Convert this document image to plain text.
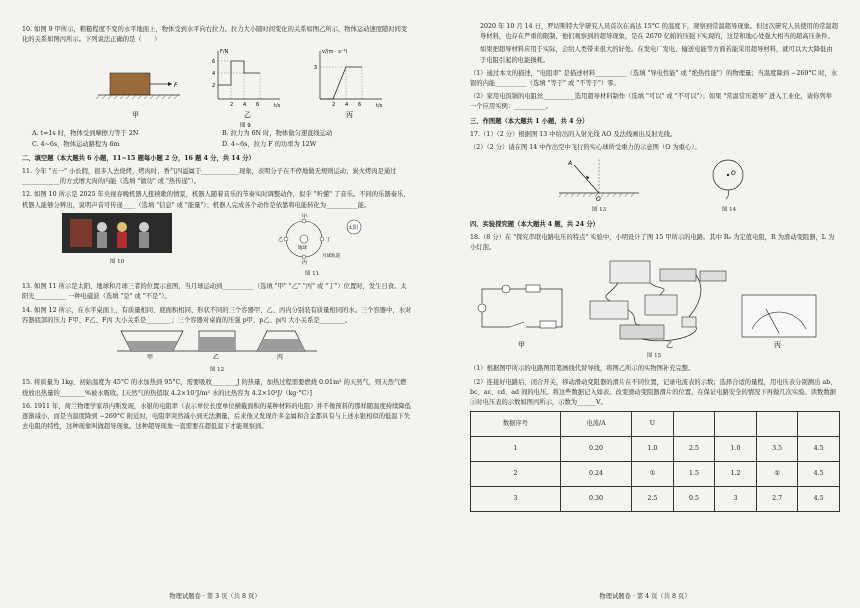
10. 如图 9 甲所示，粗糙程度不变的水平地面上，物体受到水平向右拉力。拉力大小随时间变化的关系如图乙所示，物体运动速度随时间变化的关系如图丙所示。下列说法正确的是（　　）

F
甲
F/N
t/s
6
4
2
2 4 6
乙
v/(m · s⁻¹)
t/s
3
2 4 6
丙
图 9

A. t=1s 时，物体受到摩擦力等于 2N	B. 拉力为 6N 时，物体做匀速直线运动

C. 4~6s，物体运动路程为 6m	D. 4~6s，拉力 F 的功率为 12W

二、填空题（本大题共 6 小题，11~15 题每小题 2 分，16 题 4 分，共 14 分）

11. 今年 "五一" 小长假，很多人去烧烤，烤肉时，香气四溢属于____________现象，表明分子在不停地做无规则运动；炭火烤肉是通过____________的方式增大肉的内能（选填 "做功" 或 "热传递"）。

12. 如图 10 所示是 2025 年央视春晚机器人扭秧歌的情景，机器人随着音乐的节奏实时调整动作，似乎 "听懂" 了音乐。不同的乐器奏乐，机器人能够分辨出，说明声音可传递____（选填 "信息" 或 "能量"）；机器人完成各个动作是依靠将电能转化为__________能。

图 10

太阳
甲
乙	丁
丙
地球
月球轨道

图 11

13. 如图 11 所示是太阳、地球和月球三者的位置示意图，当月球运动到__________（选填 "甲" "乙" "丙" 或 "丁"）位置时，发生日食。太阳光__________ 一种电磁波（选填 "是" 或 "不是"）。

14. 如图 12 所示，在水平桌面上，有质量相同、底面积相同、形状不同的三个容器甲、乙、丙内分别装有质量相同的水。三个容器中，水对容器底部的压力 F甲、F乙、F丙 大小关系是________；三个容器对桌面的压强 p甲、p乙、p丙 大小关系是________。

甲	乙	丙

图 12

15. 将质量为 1kg、初始温度为 45°C 的水加热到 95°C，需要吸收________J 的热量，加热过程需要燃烧 0.01m³ 的天然气，则天然气燃烧放出热量的________%被水吸收。[天然气的热值取 4.2×10⁷J/m³ 水的比热容为 4.2×10³J/（kg·°C）]

16. 1911 年，荷兰物理学家昂内斯发现，水银的电阻率（表示单位长度单位横截面积的某种材料的电阻）并不像预料的那样随温度持续降低逐渐减小，而是当温度降到 −269°C 附近时，电阻率突然减小到无法测量，后来他又发现许多金属和合金都具有与上述水银相似的低温下失去电阻的特性，这种现象叫做超导现象。这种超导现象一直需要在超低温下才能观察到。

物理试题卷 · 第 3 页（共 8 页）

2020 年 10 月 14 日，罗切斯特大学研究人员首次在高达 15°C 的温度下，观察到常温超导现象。但这次研究人员使用的常温超导材料，也存在严重的限制，他们观察到的超导现象，是在 2670 亿帕的压强下实现的，这是和地心处强大相当的超高压条件。

如果把超导材料应用于实际，会给人类带来很大的好处。在发电厂发电、输送电能等方面若能采用超导材料，就可以大大降低由于电阻引起的电能损耗。

（1）通过本文的描述，"电阻率" 是描述材料__________（选填 "导电性能" 或 "绝热性能"）的物理量；当温度降到 −269°C 时，水银的内能__________（选填 "等于" 或 "不等于"）零。

（2）家用电饭锅的电阻丝__________选用超导材料制作（选填 "可以" 或 "不可以"）；如果 "常温常压超导" 进入工业化，请你列举一个应用实例：__________。

三、作图题（本大题共 1 小题，共 4 分）

17.（1）（2 分）根据图 13 中给出的入射光线 AO 及法线画出反射光线。

（2）（2 分）请在图 14 中作出空中飞行的实心球所受重力的示意图（O 为重心）。

A
O

图 13

O

图 14

四、实验探究题（本大题共 4 题，共 24 分）

18.（8 分）在 "探究串联电路电压的特点" 实验中，小明设计了图 15 甲所示的电路。其中 R₀ 为定值电阻，R 为滑动变阻器，L 为小灯泡。

甲	乙	丙

图 15

（1）根据图甲所示的电路图用笔画线代替导线，将图乙所示的实物图补充完整。

（2）连接好电路后，闭合开关，移动滑动变阻器的滑片在不同位置，记录电流表的示数；选择合适的量程，用电压表分别测出 ab、bc、ac、cd、ad 间的电压。将这些数据记入如表。改变滑动变阻器滑片的位置，在保证电路安全的情况下再做几次实验。读数数据①时电压表的示数如图丙所示，示数为______V。

数据序号	电流/A	U				
1	0.20	1.0	2.5	1.0	3.5	4.5
2	0.24	①	1.5	1.2	②	4.5
3	0.30	2.5	0.5	3	2.7	4.5
物理试题卷 · 第 4 页（共 8 页）
